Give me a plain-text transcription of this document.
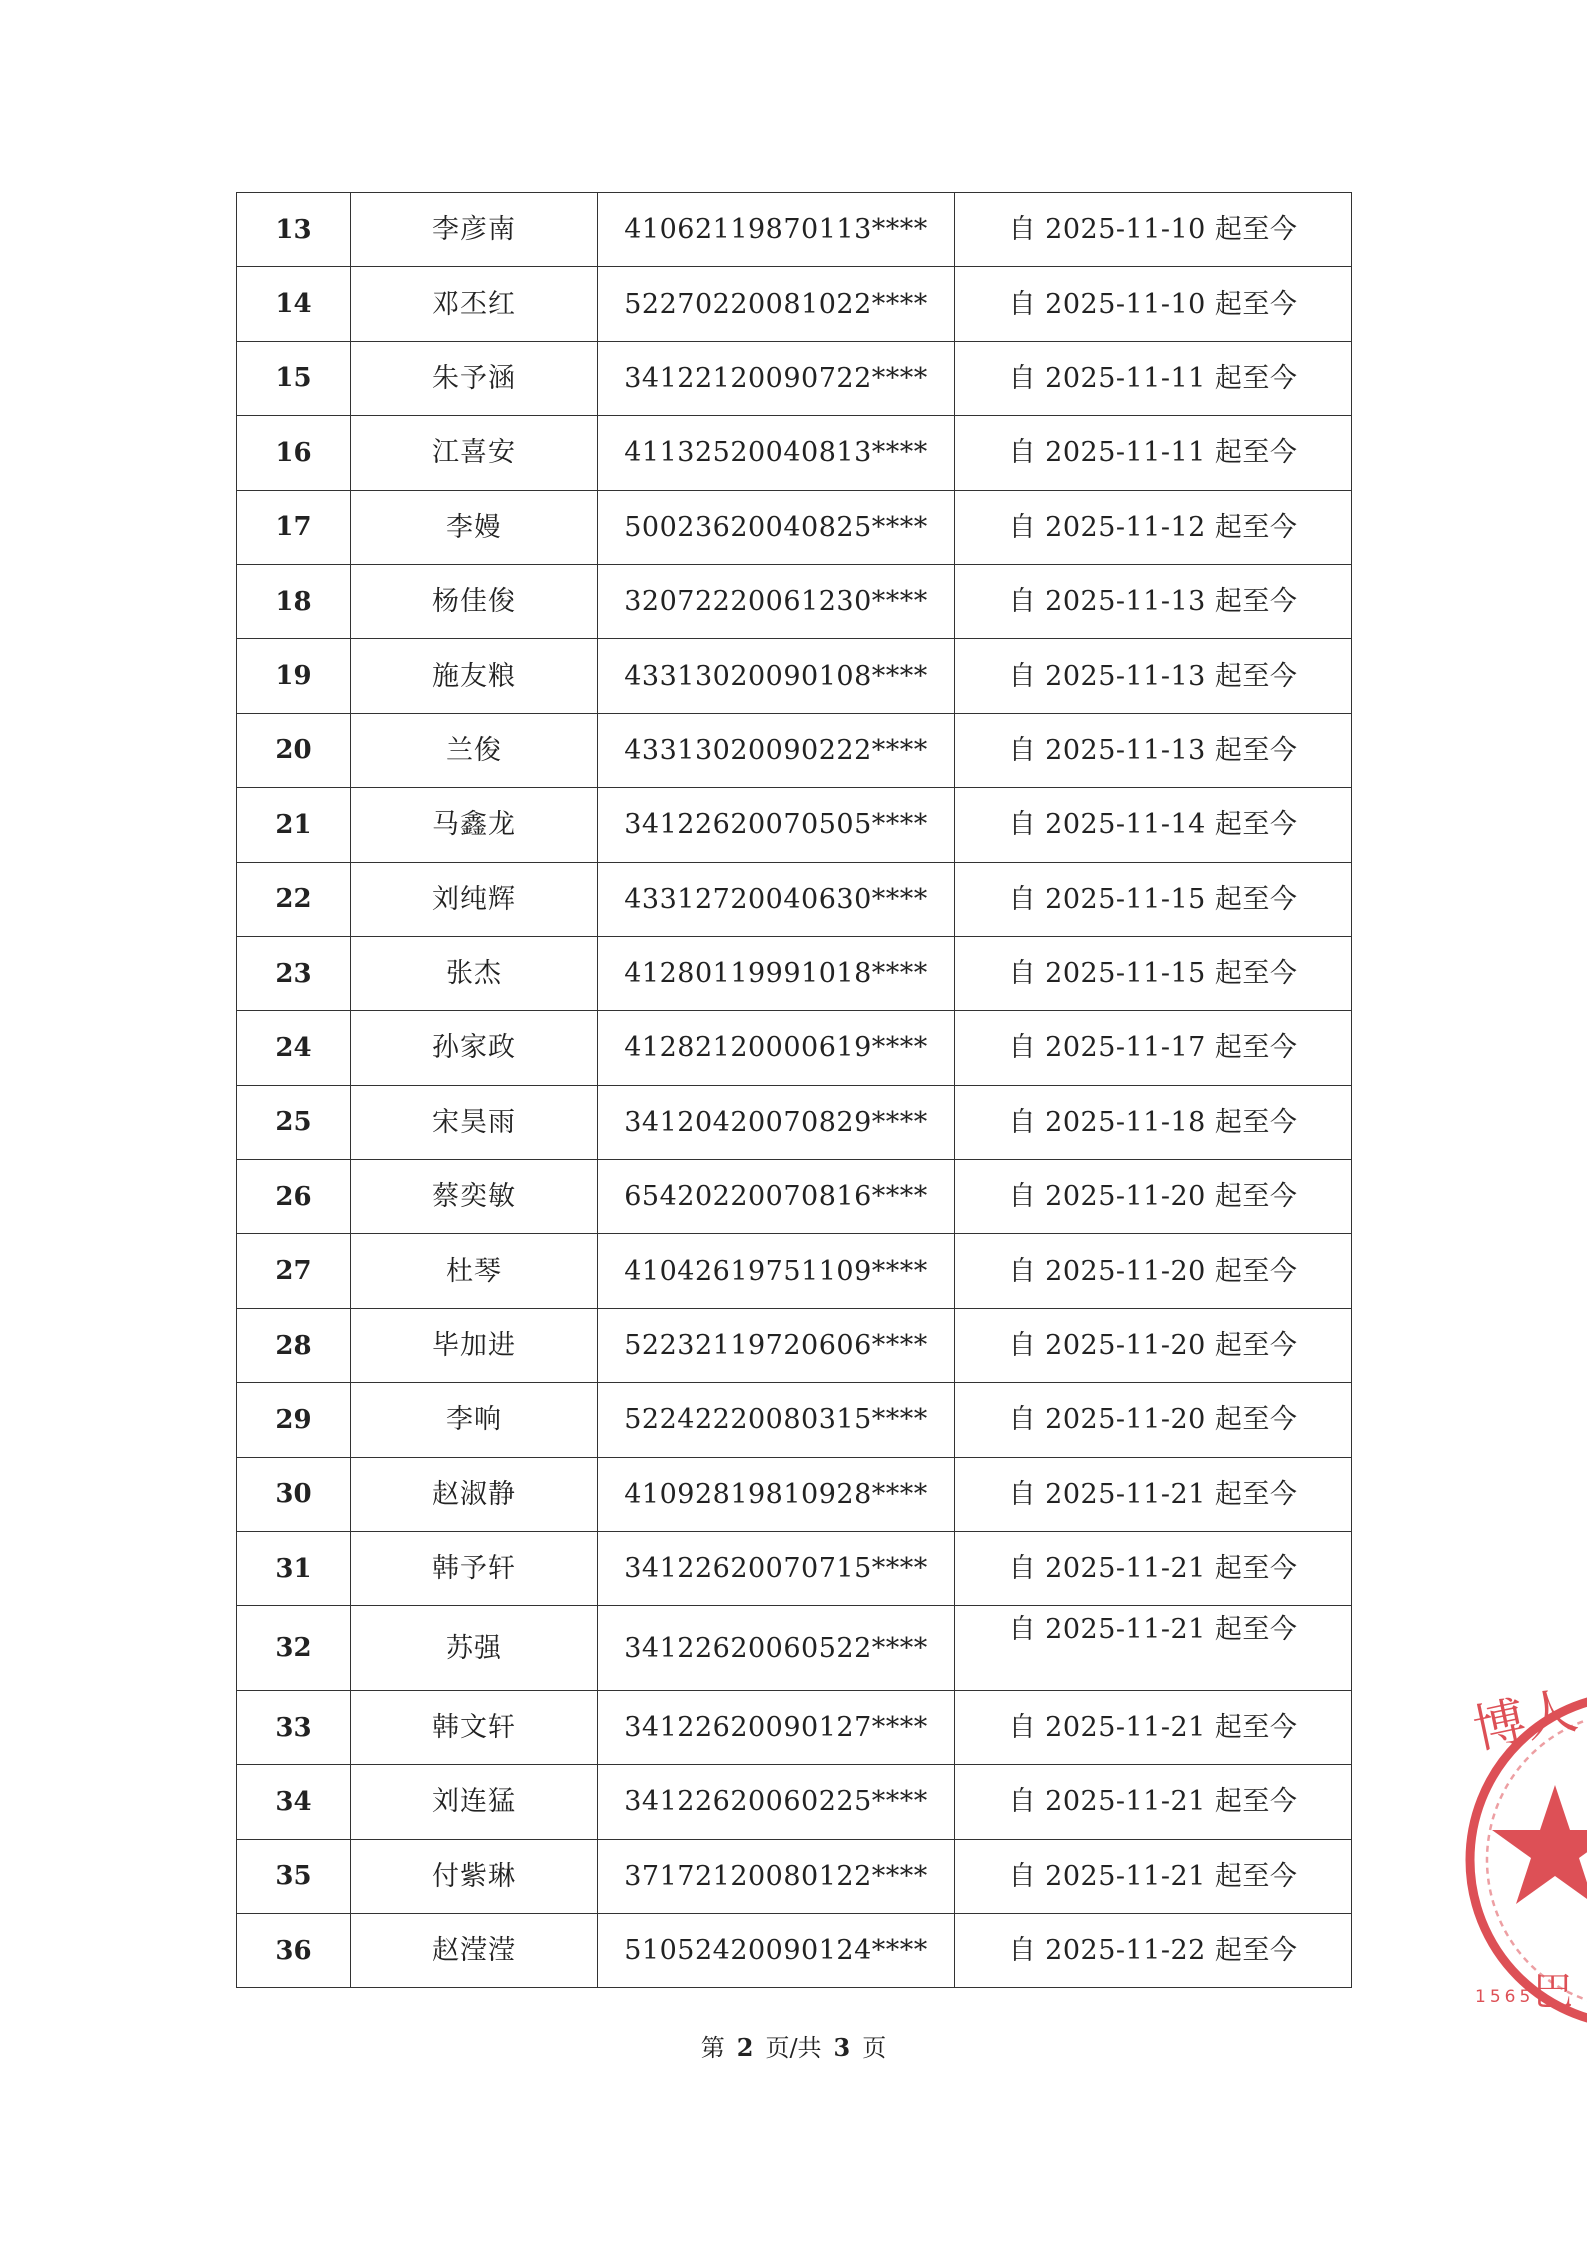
13	李彦南	41062119870113****	自 2025-11-10 起至今
14	邓丕红	52270220081022****	自 2025-11-10 起至今
15	朱予涵	34122120090722****	自 2025-11-11 起至今
16	江喜安	41132520040813****	自 2025-11-11 起至今
17	李嫚	50023620040825****	自 2025-11-12 起至今
18	杨佳俊	32072220061230****	自 2025-11-13 起至今
19	施友粮	43313020090108****	自 2025-11-13 起至今
20	兰俊	43313020090222****	自 2025-11-13 起至今
21	马鑫龙	34122620070505****	自 2025-11-14 起至今
22	刘纯辉	43312720040630****	自 2025-11-15 起至今
23	张杰	41280119991018****	自 2025-11-15 起至今
24	孙家政	41282120000619****	自 2025-11-17 起至今
25	宋昊雨	34120420070829****	自 2025-11-18 起至今
26	蔡奕敏	65420220070816****	自 2025-11-20 起至今
27	杜琴	41042619751109****	自 2025-11-20 起至今
28	毕加进	52232119720606****	自 2025-11-20 起至今
29	李响	52242220080315****	自 2025-11-20 起至今
30	赵淑静	41092819810928****	自 2025-11-21 起至今
31	韩予轩	34122620070715****	自 2025-11-21 起至今
32	苏强	34122620060522****	自 2025-11-21 起至今
33	韩文轩	34122620090127****	自 2025-11-21 起至今
34	刘连猛	34122620060225****	自 2025-11-21 起至今
35	付紫琳	37172120080122****	自 2025-11-21 起至今
36	赵滢滢	51052420090124****	自 2025-11-22 起至今
第 2 页/共 3 页
博人
巴
1565
